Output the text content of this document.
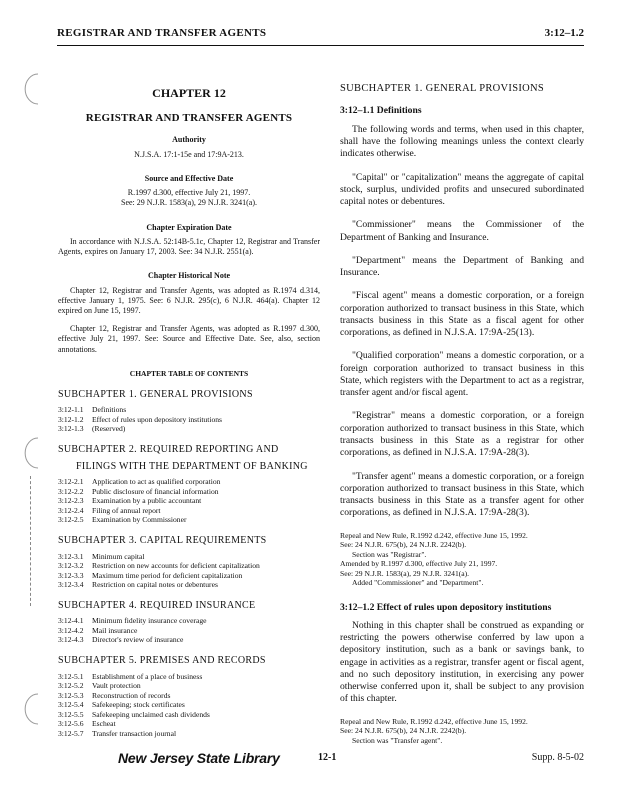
REGISTRAR AND TRANSFER AGENTS	3:12–1.2
CHAPTER 12
REGISTRAR AND TRANSFER AGENTS
Authority
N.J.S.A. 17:1-15e and 17:9A-213.
Source and Effective Date
R.1997 d.300, effective July 21, 1997.
See: 29 N.J.R. 1583(a), 29 N.J.R. 3241(a).
Chapter Expiration Date
In accordance with N.J.S.A. 52:14B-5.1c, Chapter 12, Registrar and Transfer Agents, expires on January 17, 2003. See: 34 N.J.R. 2551(a).
Chapter Historical Note
Chapter 12, Registrar and Transfer Agents, was adopted as R.1974 d.314, effective January 1, 1975. See: 6 N.J.R. 295(c), 6 N.J.R. 464(a). Chapter 12 expired on June 15, 1997.
Chapter 12, Registrar and Transfer Agents, was adopted as R.1997 d.300, effective July 21, 1997. See: Source and Effective Date. See, also, section annotations.
CHAPTER TABLE OF CONTENTS
SUBCHAPTER 1. GENERAL PROVISIONS
3:12-1.1	Definitions
3:12-1.2	Effect of rules upon depository institutions
3:12-1.3	(Reserved)
SUBCHAPTER 2. REQUIRED REPORTING AND
FILINGS WITH THE DEPARTMENT OF BANKING
3:12-2.1	Application to act as qualified corporation
3:12-2.2	Public disclosure of financial information
3:12-2.3	Examination by a public accountant
3:12-2.4	Filing of annual report
3:12-2.5	Examination by Commissioner
SUBCHAPTER 3. CAPITAL REQUIREMENTS
3:12-3.1	Minimum capital
3:12-3.2	Restriction on new accounts for deficient capitalization
3:12-3.3	Maximum time period for deficient capitalization
3:12-3.4	Restriction on capital notes or debentures
SUBCHAPTER 4. REQUIRED INSURANCE
3:12-4.1	Minimum fidelity insurance coverage
3:12-4.2	Mail insurance
3:12-4.3	Director's review of insurance
SUBCHAPTER 5. PREMISES AND RECORDS
3:12-5.1	Establishment of a place of business
3:12-5.2	Vault protection
3:12-5.3	Reconstruction of records
3:12-5.4	Safekeeping; stock certificates
3:12-5.5	Safekeeping unclaimed cash dividends
3:12-5.6	Escheat
3:12-5.7	Transfer transaction journal
SUBCHAPTER 1. GENERAL PROVISIONS
3:12–1.1 Definitions
The following words and terms, when used in this chapter, shall have the following meanings unless the context clearly indicates otherwise.
"Capital" or "capitalization" means the aggregate of capital stock, surplus, undivided profits and unsecured subordinated capital notes or debentures.
"Commissioner" means the Commissioner of the Department of Banking and Insurance.
"Department" means the Department of Banking and Insurance.
"Fiscal agent" means a domestic corporation, or a foreign corporation authorized to transact business in this State, which transacts business in this State as a fiscal agent for other corporations, as defined in N.J.S.A. 17:9A-25(13).
"Qualified corporation" means a domestic corporation, or a foreign corporation authorized to transact business in this State, which registers with the Department to act as a registrar, transfer agent and/or fiscal agent.
"Registrar" means a domestic corporation, or a foreign corporation authorized to transact business in this State, which transacts business in this State as a registrar for other corporations, as defined in N.J.S.A. 17:9A-28(3).
"Transfer agent" means a domestic corporation, or a foreign corporation authorized to transact business in this State, which transacts business in this State as a transfer agent for other corporations, as defined in N.J.S.A. 17:9A-28(3).
Repeal and New Rule, R.1992 d.242, effective June 15, 1992.
See: 24 N.J.R. 675(b), 24 N.J.R. 2242(b).
Section was "Registrar".
Amended by R.1997 d.300, effective July 21, 1997.
See: 29 N.J.R. 1583(a), 29 N.J.R. 3241(a).
Added "Commissioner" and "Department".
3:12–1.2 Effect of rules upon depository institutions
Nothing in this chapter shall be construed as expanding or restricting the powers otherwise conferred by law upon a depository institution, such as a bank or savings bank, to engage in activities as a registrar, transfer agent or fiscal agent, and no such depository institution, in exercising any power otherwise conferred upon it, shall be subject to any provision of this chapter.
Repeal and New Rule, R.1992 d.242, effective June 15, 1992.
See: 24 N.J.R. 675(b), 24 N.J.R. 2242(b).
Section was "Transfer agent".
New Jersey State Library	12-1	Supp. 8-5-02
